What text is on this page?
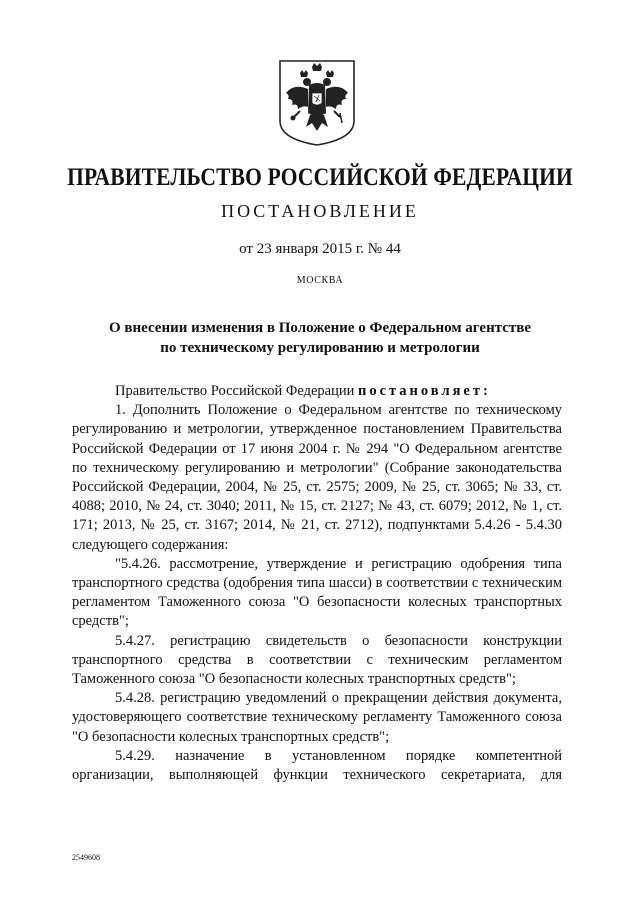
ПРАВИТЕЛЬСТВО РОССИЙСКОЙ ФЕДЕРАЦИИ
ПОСТАНОВЛЕНИЕ
от 23 января 2015 г. № 44
МОСКВА
О внесении изменения в Положение о Федеральном агентстве
по техническому регулированию и метрологии

Правительство Российской Федерации постановляет:

1. Дополнить Положение о Федеральном агентстве по техническому регулированию и метрологии, утвержденное постановлением Правительства Российской Федерации от 17 июня 2004 г. № 294 "О Федеральном агентстве по техническому регулированию и метрологии" (Собрание законодательства Российской Федерации, 2004, № 25, ст. 2575; 2009, № 25, ст. 3065; № 33, ст. 4088; 2010, № 24, ст. 3040; 2011, № 15, ст. 2127; № 43, ст. 6079; 2012, № 1, ст. 171; 2013, № 25, ст. 3167; 2014, № 21, ст. 2712), подпунктами 5.4.26 - 5.4.30 следующего содержания:

"5.4.26. рассмотрение, утверждение и регистрацию одобрения типа транспортного средства (одобрения типа шасси) в соответствии с техническим регламентом Таможенного союза "О безопасности колесных транспортных средств";

5.4.27. регистрацию свидетельств о безопасности конструкции транспортного средства в соответствии с техническим регламентом Таможенного союза "О безопасности колесных транспортных средств";

5.4.28. регистрацию уведомлений о прекращении действия документа, удостоверяющего соответствие техническому регламенту Таможенного союза "О безопасности колесных транспортных средств";

5.4.29. назначение в установленном порядке компетентной организации, выполняющей функции технического секретариата, для

2549608
